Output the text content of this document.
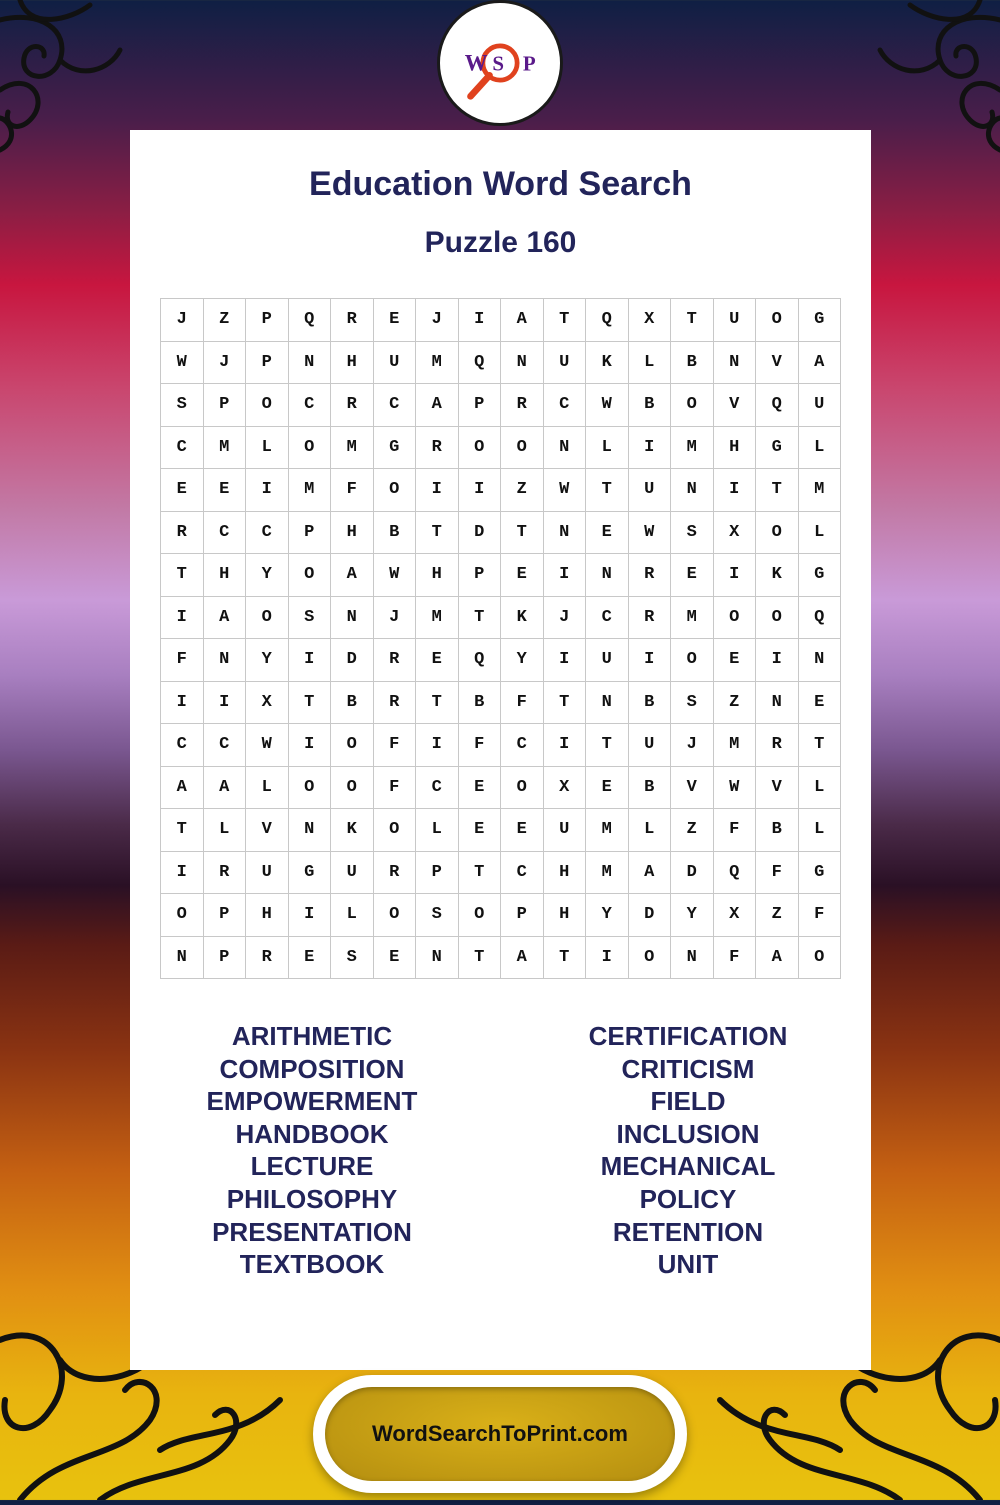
W S P
Education Word Search
Puzzle 160
J	Z	P	Q	R	E	J	I	A	T	Q	X	T	U	O	G
W	J	P	N	H	U	M	Q	N	U	K	L	B	N	V	A
S	P	O	C	R	C	A	P	R	C	W	B	O	V	Q	U
C	M	L	O	M	G	R	O	O	N	L	I	M	H	G	L
E	E	I	M	F	O	I	I	Z	W	T	U	N	I	T	M
R	C	C	P	H	B	T	D	T	N	E	W	S	X	O	L
T	H	Y	O	A	W	H	P	E	I	N	R	E	I	K	G
I	A	O	S	N	J	M	T	K	J	C	R	M	O	O	Q
F	N	Y	I	D	R	E	Q	Y	I	U	I	O	E	I	N
I	I	X	T	B	R	T	B	F	T	N	B	S	Z	N	E
C	C	W	I	O	F	I	F	C	I	T	U	J	M	R	T
A	A	L	O	O	F	C	E	O	X	E	B	V	W	V	L
T	L	V	N	K	O	L	E	E	U	M	L	Z	F	B	L
I	R	U	G	U	R	P	T	C	H	M	A	D	Q	F	G
O	P	H	I	L	O	S	O	P	H	Y	D	Y	X	Z	F
N	P	R	E	S	E	N	T	A	T	I	O	N	F	A	O
ARITHMETIC
COMPOSITION
EMPOWERMENT
HANDBOOK
LECTURE
PHILOSOPHY
PRESENTATION
TEXTBOOK
CERTIFICATION
CRITICISM
FIELD
INCLUSION
MECHANICAL
POLICY
RETENTION
UNIT
WordSearchToPrint.com
